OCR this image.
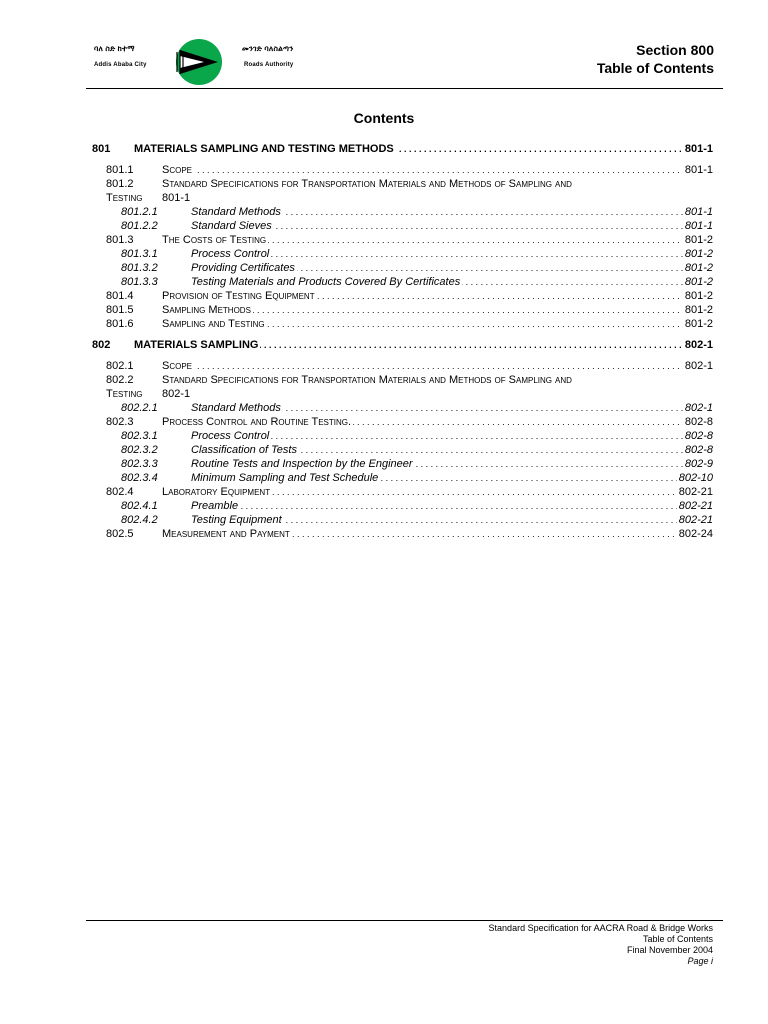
ባለ ስድ ከተማ
Addis Ababa City
መንገድ ባለስልጣን
Roads Authority
Section 800
Table of Contents
Contents
801 MATERIALS SAMPLING AND TESTING METHODS . . .	801-1
801.1	Scope . . .	801-1
801.2	Standard Specifications for Transportation Materials and Methods of Sampling and
Testing 801-1
801.2.1	Standard Methods . . .	801-1
801.2.2	Standard Sieves . . .	801-1
801.3	The Costs of Testing . . .	801-2
801.3.1	Process Control . . .	801-2
801.3.2	Providing Certificates . . .	801-2
801.3.3	Testing Materials and Products Covered By Certificates . . .	801-2
801.4	Provision of Testing Equipment . . .	801-2
801.5	Sampling Methods . . .	801-2
801.6	Sampling and Testing . . .	801-2
802 MATERIALS SAMPLING . . .	802-1
802.1	Scope . . .	802-1
802.2	Standard Specifications for Transportation Materials and Methods of Sampling and
Testing 802-1
802.2.1	Standard Methods . . .	802-1
802.3	Process Control and Routine Testing. . . .	802-8
802.3.1	Process Control . . .	802-8
802.3.2	Classification of Tests . . .	802-8
802.3.3	Routine Tests and Inspection by the Engineer . . .	802-9
802.3.4	Minimum Sampling and Test Schedule . . .	802-10
802.4	Laboratory Equipment . . .	802-21
802.4.1	Preamble . . .	802-21
802.4.2	Testing Equipment . . .	802-21
802.5	Measurement and Payment . . .	802-24
Standard Specification for AACRA Road & Bridge Works
Table of Contents
Final November 2004
Page i
